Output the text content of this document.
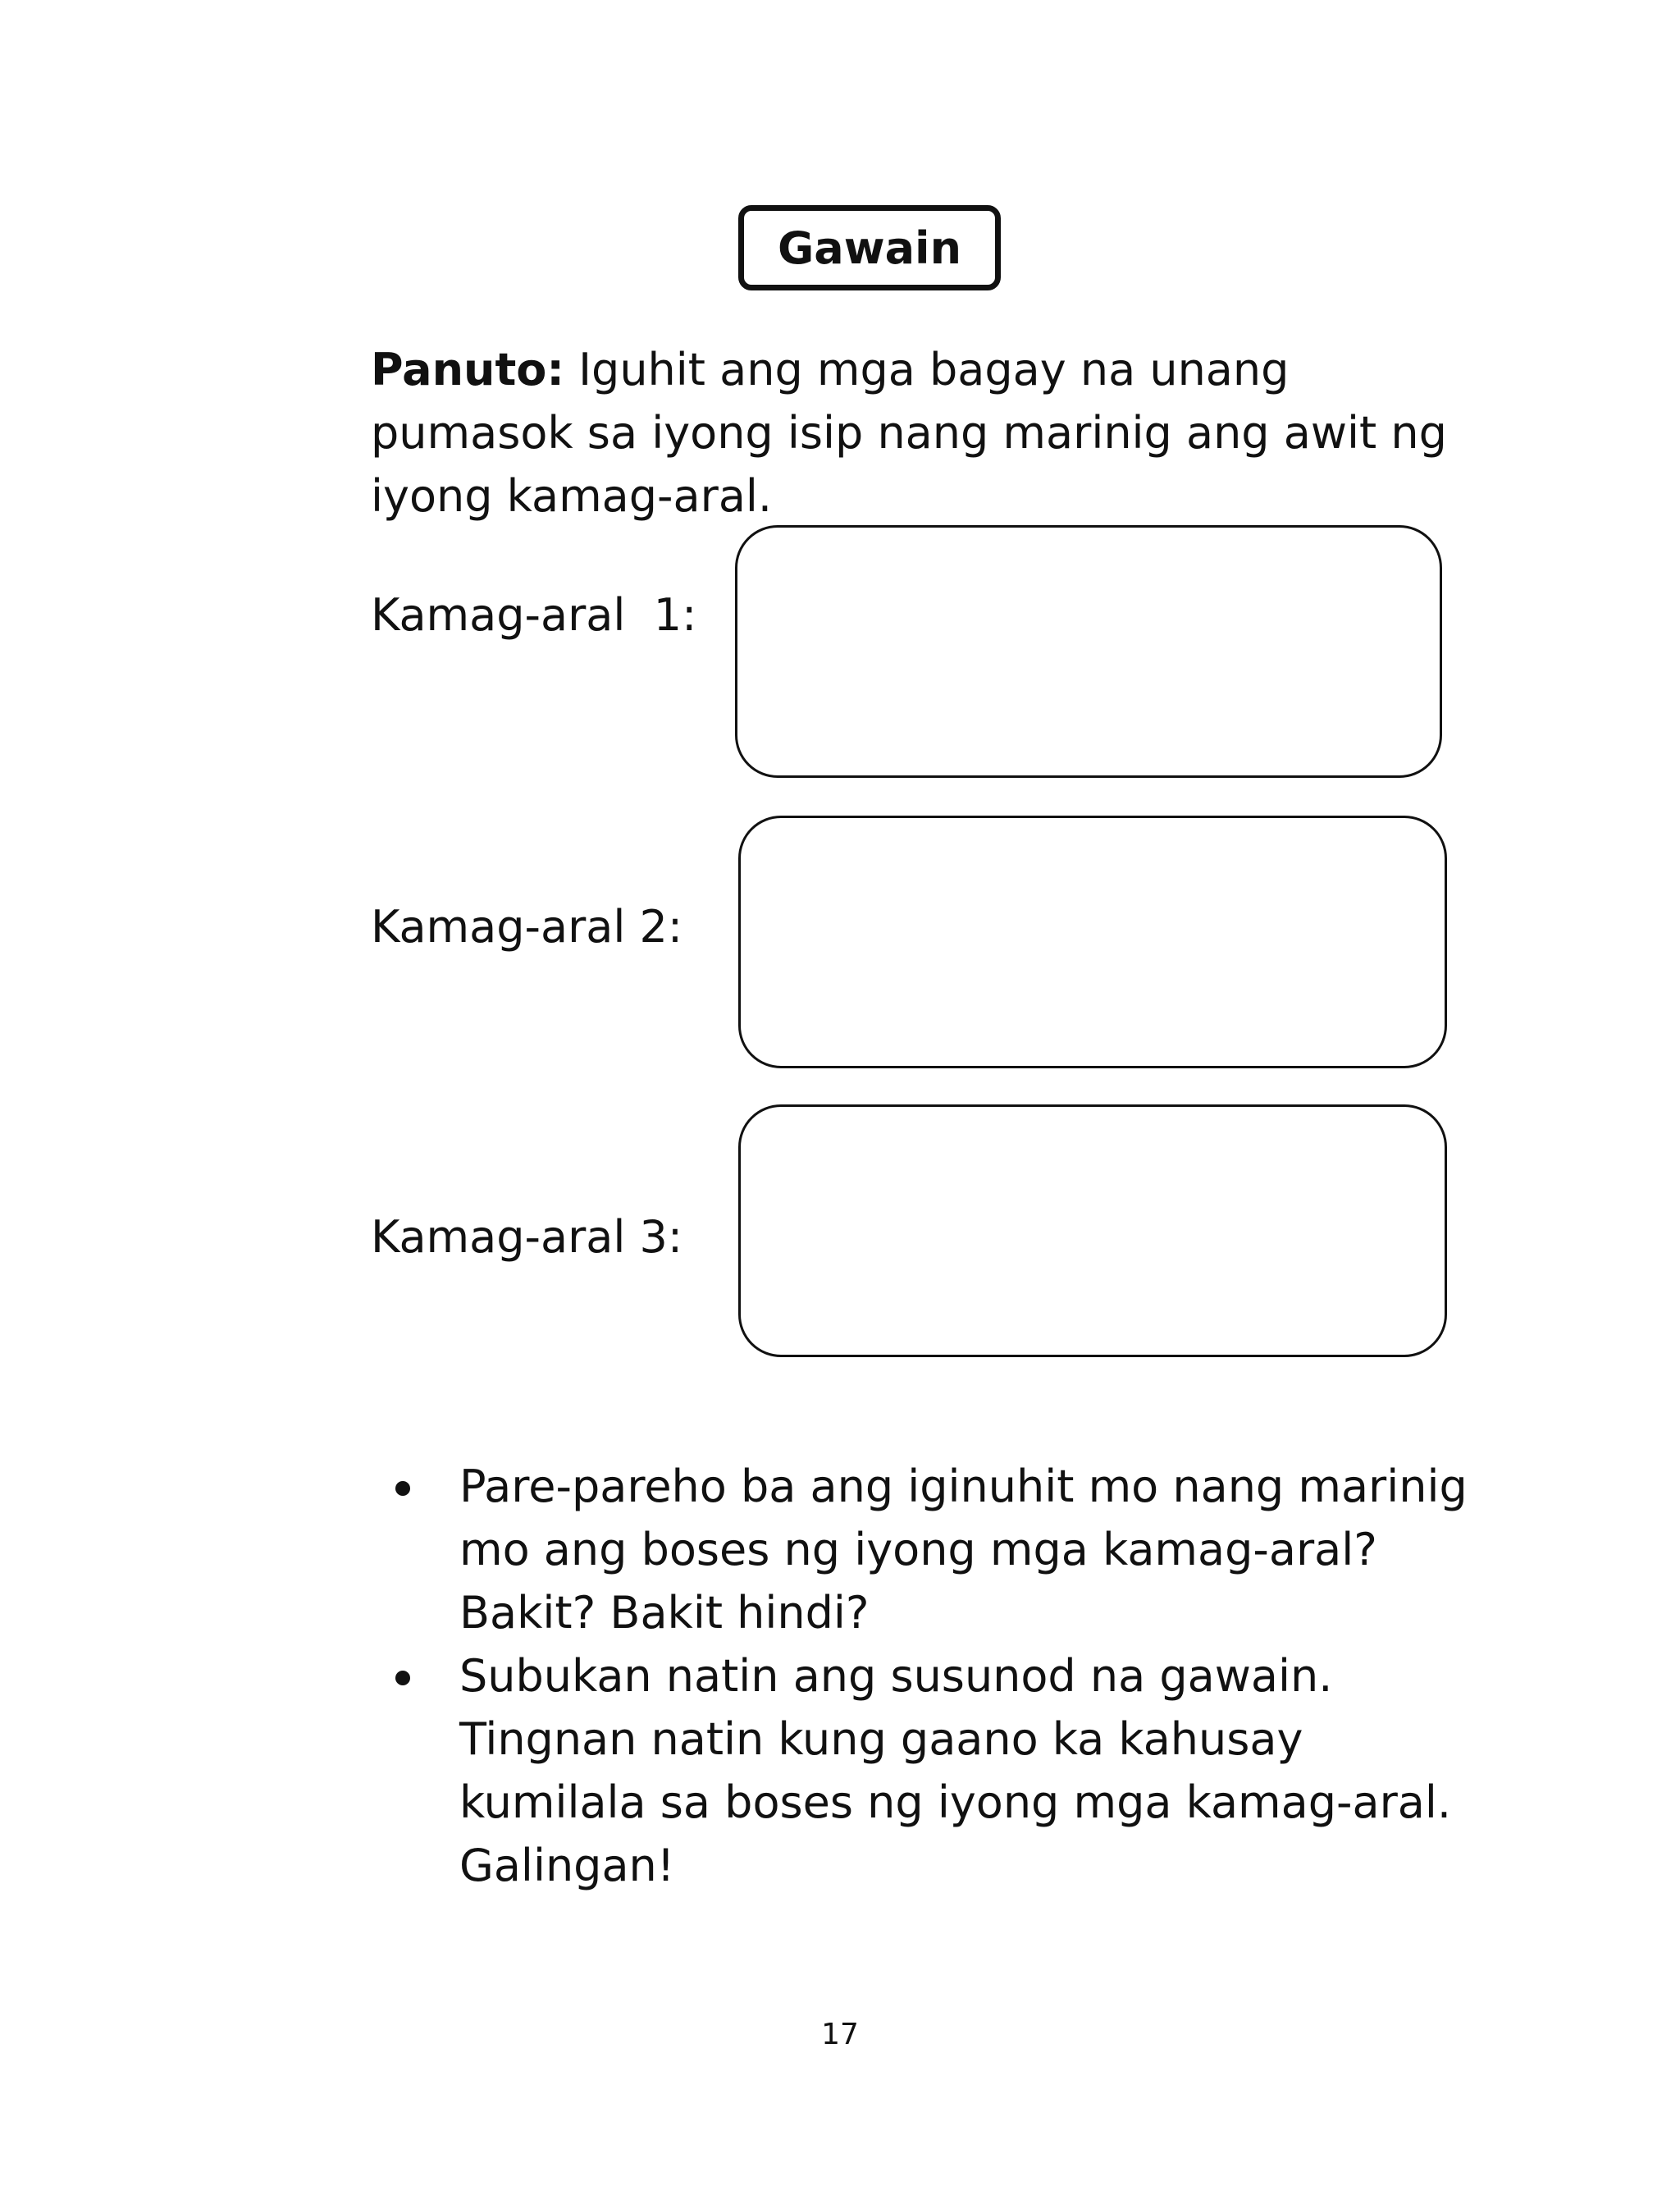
Gawain
Panuto: Iguhit ang mga bagay na unang
pumasok sa iyong isip nang marinig ang awit ng
iyong kamag-aral.
Kamag-aral  1:
Kamag-aral 2:
Kamag-aral 3:
Pare-pareho ba ang iginuhit mo nang marinig
mo ang boses ng iyong mga kamag-aral?
Bakit? Bakit hindi?
Subukan natin ang susunod na gawain.
Tingnan natin kung gaano ka kahusay
kumilala sa boses ng iyong mga kamag-aral.
Galingan!
17
